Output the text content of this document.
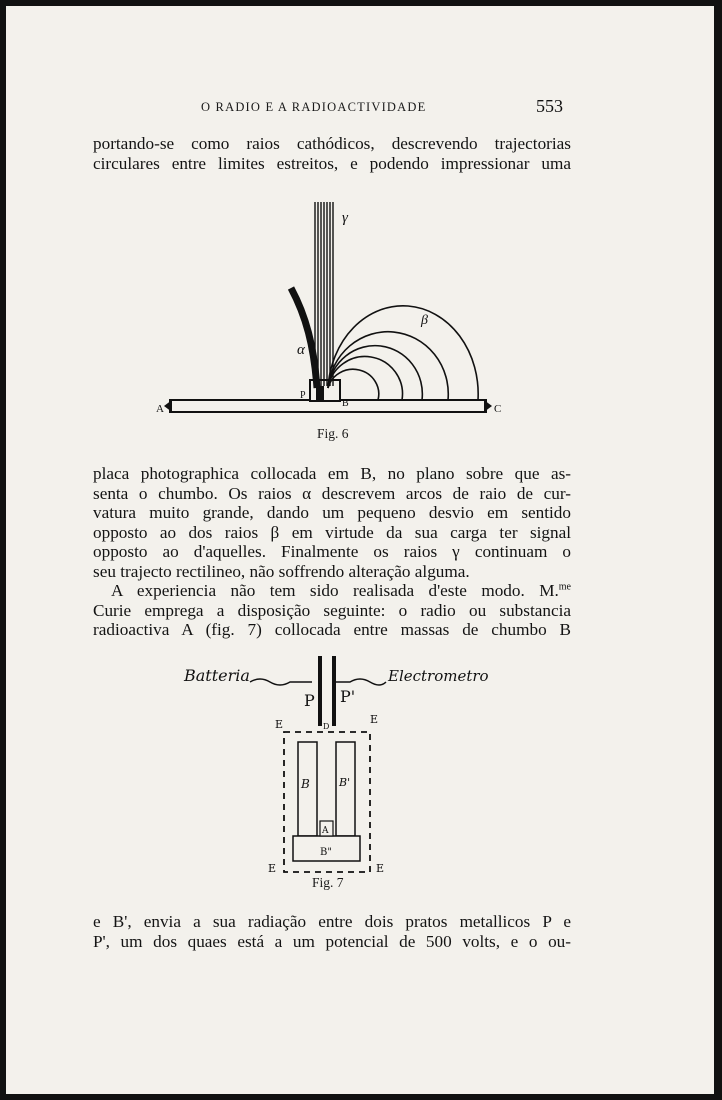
O RADIO E A RADIOACTIVIDADE	553
portando-se como raios cathódicos, descrevendo trajectorias
circulares entre limites estreitos, e podendo impressionar uma
γ
β
α
P
B
A	C
Fig. 6
placa photographica collocada em B, no plano sobre que as-
senta o chumbo. Os raios α descrevem arcos de raio de cur-
vatura muito grande, dando um pequeno desvio em sentido
opposto ao dos raios β em virtude da sua carga ter signal
opposto ao d'aquelles. Finalmente os raios γ continuam o
seu trajecto rectilineo, não soffrendo alteração alguma.
A experiencia não tem sido realisada d'este modo. M.$^{me}$
Curie emprega a disposição seguinte: o radio ou substancia
radioactiva A (fig. 7) collocada entre massas de chumbo B
Batteria	Electrometro
P P'
D
E	E
E	E
B	B'
A
B"
Fig. 7
e B', envia a sua radiação entre dois pratos metallicos P e
P', um dos quaes está a um potencial de 500 volts, e o ou-
